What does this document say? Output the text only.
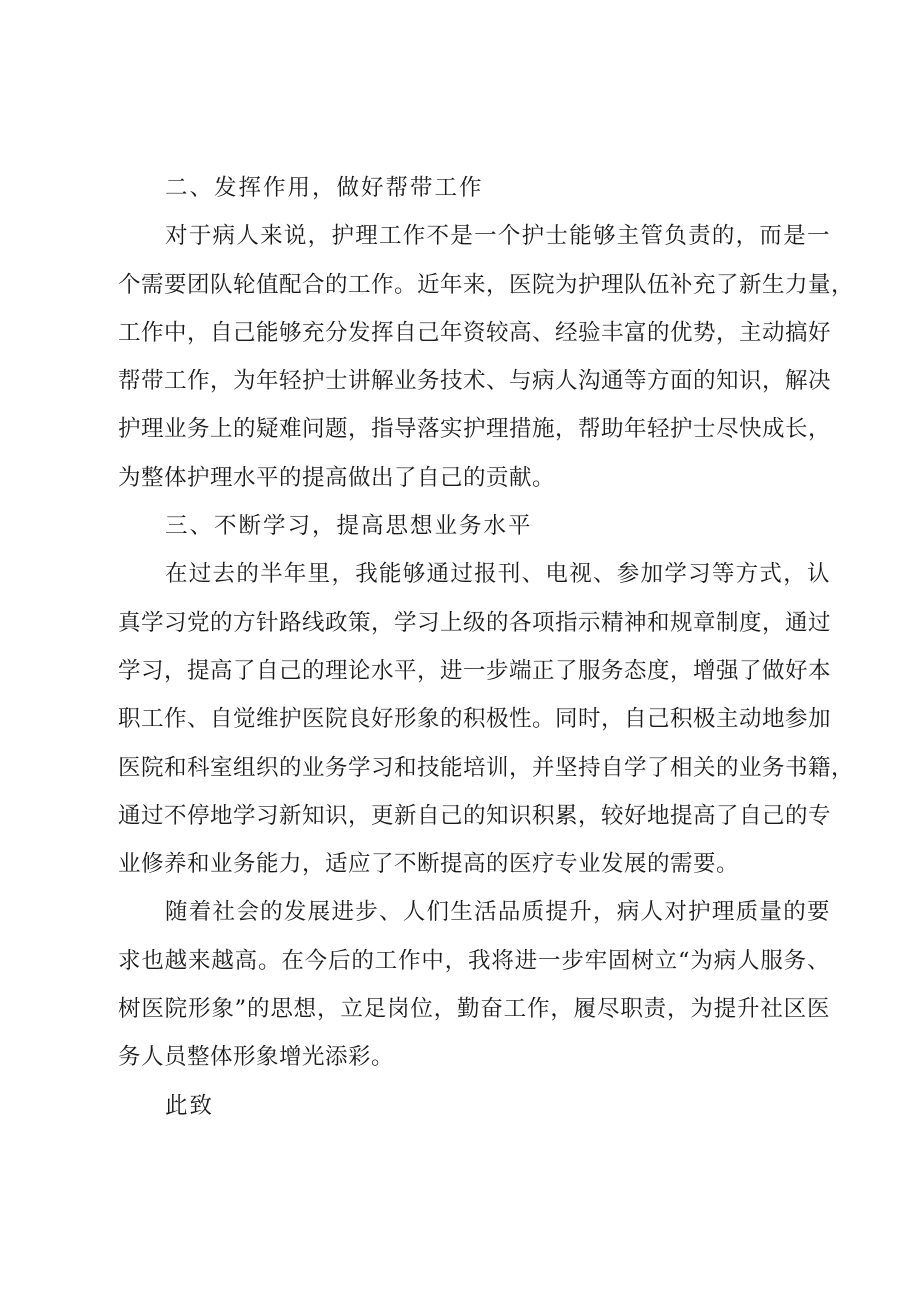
二、发挥作用，做好帮带工作
对于病人来说，护理工作不是一个护士能够主管负责的，而是一
个需要团队轮值配合的工作。近年来，医院为护理队伍补充了新生力量，
工作中，自己能够充分发挥自己年资较高、经验丰富的优势，主动搞好
帮带工作，为年轻护士讲解业务技术、与病人沟通等方面的知识，解决
护理业务上的疑难问题，指导落实护理措施，帮助年轻护士尽快成长，
为整体护理水平的提高做出了自己的贡献。
三、不断学习，提高思想业务水平
在过去的半年里，我能够通过报刊、电视、参加学习等方式，认
真学习党的方针路线政策，学习上级的各项指示精神和规章制度，通过
学习，提高了自己的理论水平，进一步端正了服务态度，增强了做好本
职工作、自觉维护医院良好形象的积极性。同时，自己积极主动地参加
医院和科室组织的业务学习和技能培训，并坚持自学了相关的业务书籍，
通过不停地学习新知识，更新自己的知识积累，较好地提高了自己的专
业修养和业务能力，适应了不断提高的医疗专业发展的需要。
随着社会的发展进步、人们生活品质提升，病人对护理质量的要
求也越来越高。在今后的工作中，我将进一步牢固树立“为病人服务、
树医院形象”的思想，立足岗位，勤奋工作，履尽职责，为提升社区医
务人员整体形象增光添彩。
此致
